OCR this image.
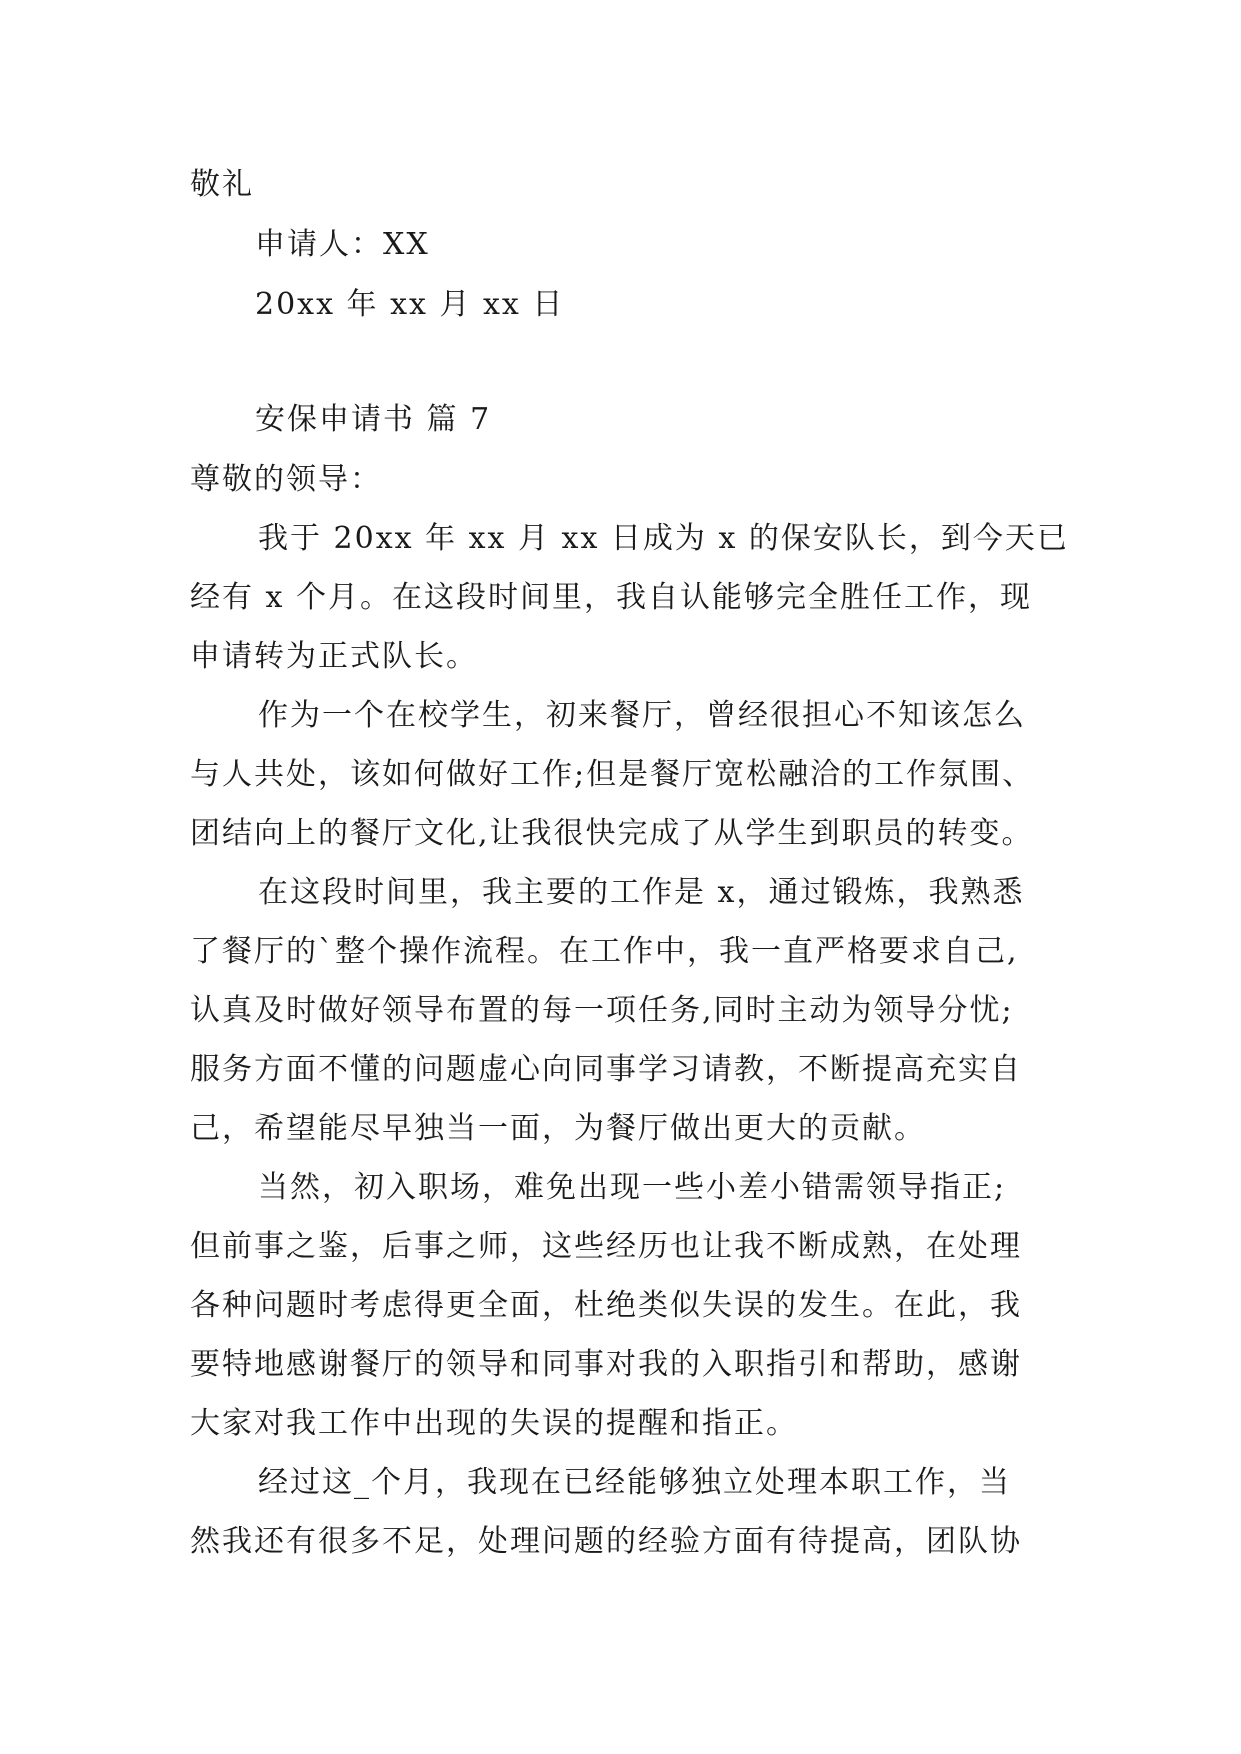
敬礼
申请人：XX
20xx 年 xx 月 xx 日
安保申请书 篇 7
尊敬的领导：
我于 20xx 年 xx 月 xx 日成为 x 的保安队长，到今天已
经有 x 个月。在这段时间里，我自认能够完全胜任工作，现
申请转为正式队长。
作为一个在校学生，初来餐厅，曾经很担心不知该怎么
与人共处，该如何做好工作;但是餐厅宽松融洽的工作氛围、
团结向上的餐厅文化,让我很快完成了从学生到职员的转变。
在这段时间里，我主要的工作是 x，通过锻炼，我熟悉
了餐厅的`整个操作流程。在工作中，我一直严格要求自己,
认真及时做好领导布置的每一项任务,同时主动为领导分忧;
服务方面不懂的问题虚心向同事学习请教，不断提高充实自
己，希望能尽早独当一面，为餐厅做出更大的贡献。
当然，初入职场，难免出现一些小差小错需领导指正;
但前事之鉴，后事之师，这些经历也让我不断成熟，在处理
各种问题时考虑得更全面，杜绝类似失误的发生。在此，我
要特地感谢餐厅的领导和同事对我的入职指引和帮助，感谢
大家对我工作中出现的失误的提醒和指正。
经过这_个月，我现在已经能够独立处理本职工作，当
然我还有很多不足，处理问题的经验方面有待提高，团队协
